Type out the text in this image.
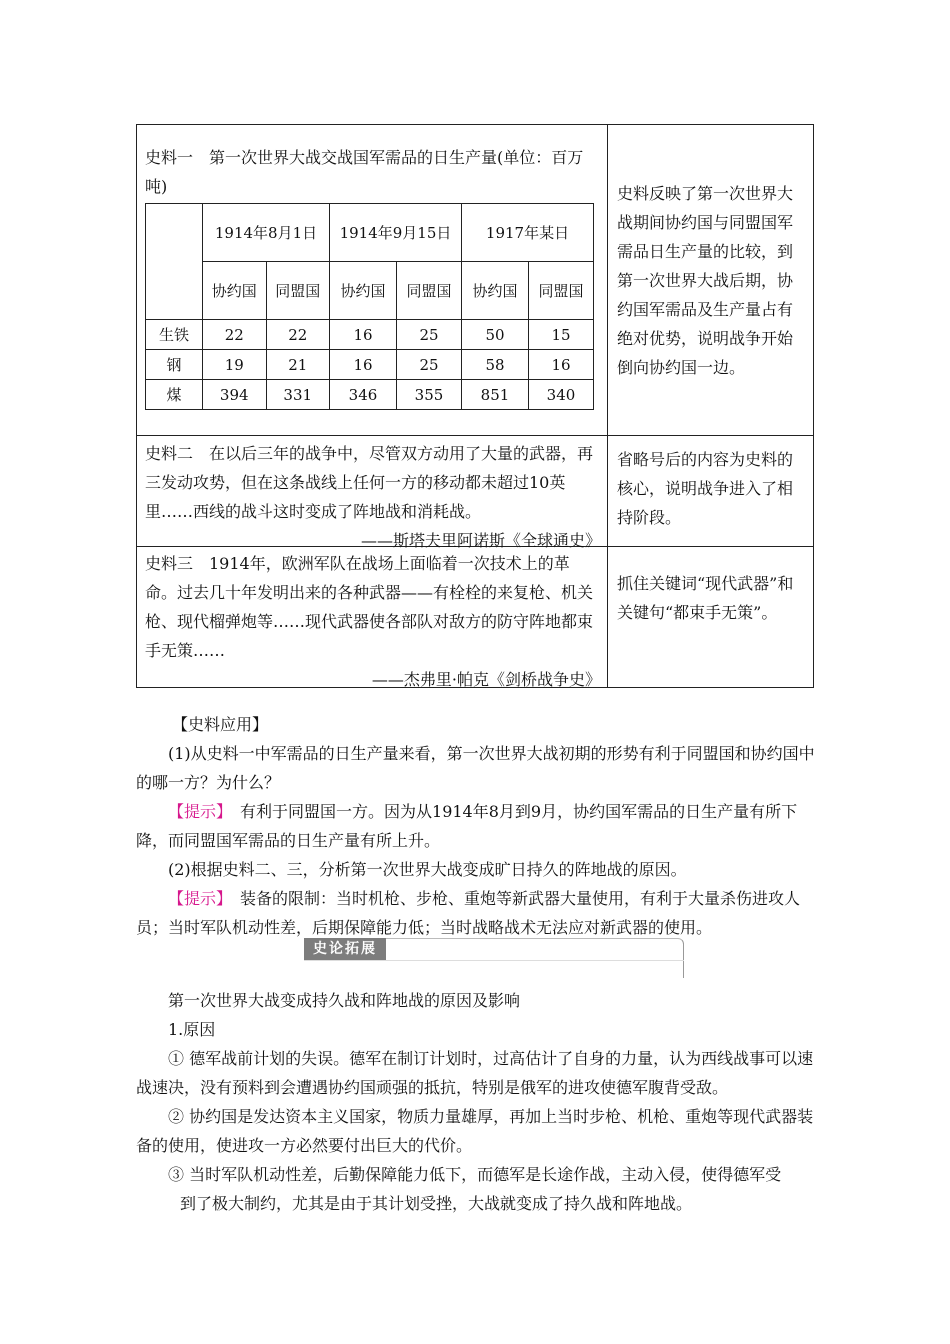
史料一　第一次世界大战交战国军需品的日生产量(单位：百万吨)
	1914年8月1日		1914年9月15日		1917年某日	
	协约国	同盟国	协约国	同盟国	协约国	同盟国
生铁	22	22	16	25	50	15
钢	19	21	16	25	58	16
煤	394	331	346	355	851	340
史料反映了第一次世界大战期间协约国与同盟国军需品日生产量的比较，到第一次世界大战后期，协约国军需品及生产量占有绝对优势，说明战争开始倒向协约国一边。
史料二　在以后三年的战争中，尽管双方动用了大量的武器，再三发动攻势，但在这条战线上任何一方的移动都未超过10英里……西线的战斗这时变成了阵地战和消耗战。
——斯塔夫里阿诺斯《全球通史》
省略号后的内容为史料的核心，说明战争进入了相持阶段。
史料三　1914年，欧洲军队在战场上面临着一次技术上的革命。过去几十年发明出来的各种武器——有栓栓的来复枪、机关枪、现代榴弹炮等……现代武器使各部队对敌方的防守阵地都束手无策……
——杰弗里·帕克《剑桥战争史》
抓住关键词“现代武器”和关键句“都束手无策”。
【史料应用】
(1)从史料一中军需品的日生产量来看，第一次世界大战初期的形势有利于同盟国和协约国中的哪一方？为什么？
【提示】　有利于同盟国一方。因为从1914年8月到9月，协约国军需品的日生产量有所下降，而同盟国军需品的日生产量有所上升。
(2)根据史料二、三，分析第一次世界大战变成旷日持久的阵地战的原因。
【提示】　装备的限制：当时机枪、步枪、重炮等新武器大量使用，有利于大量杀伤进攻人员；当时军队机动性差，后期保障能力低；当时战略战术无法应对新武器的使用。
史论拓展
第一次世界大战变成持久战和阵地战的原因及影响
1.原因
① 德军战前计划的失误。德军在制订计划时，过高估计了自身的力量，认为西线战事可以速战速决，没有预料到会遭遇协约国顽强的抵抗，特别是俄军的进攻使德军腹背受敌。
② 协约国是发达资本主义国家，物质力量雄厚，再加上当时步枪、机枪、重炮等现代武器装备的使用，使进攻一方必然要付出巨大的代价。
③ 当时军队机动性差，后勤保障能力低下，而德军是长途作战，主动入侵，使得德军受
到了极大制约，尤其是由于其计划受挫，大战就变成了持久战和阵地战。
